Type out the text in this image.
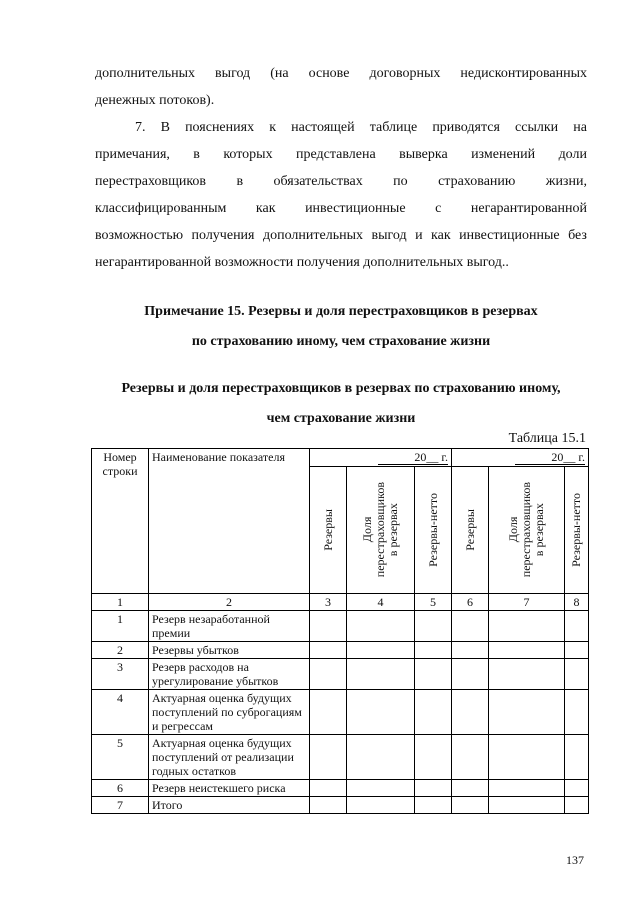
дополнительных выгод (на основе договорных недисконтированных
денежных потоков).
7. В пояснениях к настоящей таблице приводятся ссылки на
примечания, в которых представлена выверка изменений доли
перестраховщиков в обязательствах по страхованию жизни,
классифицированным как инвестиционные с негарантированной
возможностью получения дополнительных выгод и как инвестиционные без
негарантированной возможности получения дополнительных выгод..
Примечание 15. Резервы и доля перестраховщиков в резервах
по страхованию иному, чем страхование жизни
Резервы и доля перестраховщиков в резервах по страхованию иному,
чем страхование жизни
Таблица 15.1
Номер строки	Наименование показателя	20__ г.			20__ г.		

		Резервы	Доля
перестраховщиков
в резервах	Резервы-нетто	Резервы	Доля
перестраховщиков
в резервах	Резервы-нетто

1	2	3	4	5	6	7	8
1	Резерв незаработанной премии						
2	Резервы убытков						
3	Резерв расходов на урегулирование убытков						
4	Актуарная оценка будущих поступлений по суброгациям и регрессам						
5	Актуарная оценка будущих поступлений от реализации годных остатков						
6	Резерв неистекшего риска						
7	Итого						
137
